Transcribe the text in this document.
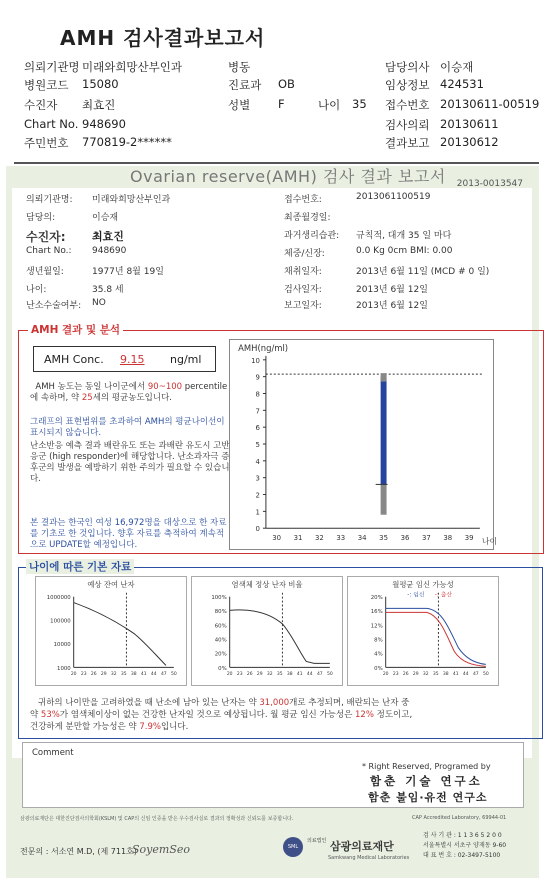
AMH 검사결과보고서
의뢰기관명 미래와희망산부인과	병동	담당의사 이승재
병원코드 15080	진료과 OB	임상정보 424531
수진자 최효진	성별 F	나이 35 접수번호 20130611-00519
Chart No. 948690	검사의뢰 20130611
주민번호 770819-2******	결과보고 20130612
Ovarian reserve(AMH) 검사 결과 보고서 2013-0013547
의뢰기관명: 미래와희망산부인과
담당의:	이승재
수진자: 최효진
Chart No.: 948690
생년월일:	1977년 8월 19일
나이:	35.8 세
난소수술여부: NO
접수번호:	2013061100519
최종월경일:
과거생리습관: 규칙적, 대개 35 일 마다
체중/신장:	0.0 Kg 0cm BMI: 0.00
채취일자:	2013년 6월 11일 (MCD # 0 일)
검사일자:	2013년 6월 12일
보고일자:	2013년 6월 12일
AMH 결과 및 분석
AMH Conc. 9.15 ng/ml
AMH 농도는 동일 나이군에서 90~100 percentile에 속하며, 약 25세의 평균농도입니다.
그래프의 표현범위를 초과하여 AMH의 평균나이선이 표시되지 않습니다.
난소반응 예측 결과 배란유도 또는 과배란 유도시 고반응군 (high responder)에 해당합니다. 난소과자극 증후군의 발생을 예방하기 위한 주의가 필요할 수 있습니다.
본 결과는 한국인 여성 16,972명을 대상으로 한 자료를 기초로 한 것입니다. 향후 자료를 축적하여 계속적으로 UPDATE할 예정입니다.
AMH(ng/ml)
0
1
2
3
4
5
6
7
8
9
10
30 31 32 33 34 35 36 37 38 39 나이
나이에 따른 기본 자료
예상 잔여 난자
1000000
100000
10000
1000
20 23 26 29 32 35 38 41 44 47 50
염색체 정상 난자 비율
100%
80%
60%
40%
20%
0%
20 23 26 29 32 35 38 41 44 47 50
월평균 임신 가능성
20%
16%
12%
8%
4%
0%
20 23 26 29 32 35 38 41 44 47 50
-: 임신 -: 출산
귀하의 나이만을 고려하였을 때 난소에 남아 있는 난자는 약 31,000개로 추정되며, 배란되는 난자 중
약 53%가 염색체이상이 없는 건강한 난자일 것으로 예상됩니다. 월 평균 임신 가능성은 12% 정도이고,
건강하게 분만할 가능성은 약 7.9%입니다.
Comment
* Right Reserved, Programed by
함춘 기술 연구소
함춘 불임·유전 연구소
삼광의료재단은 대한진단검사의학회(KSLM) 및 CAP의 신임 인증을 받은 우수검사실로 결과의 정확성과 신뢰도를 보증합니다.	CAP Accredited Laboratory, 69944-01
전문의 : 서소연 M.D, (제 711호)
SoyemSeo	SML
의료법인 삼광의료재단
Samkwang Medical Laboratories
검 사 기 관 : 1 1 3 6 5 2 0 0
서울특별시 서초구 양재동 9-60
대 표 번 호 : 02-3497-5100
